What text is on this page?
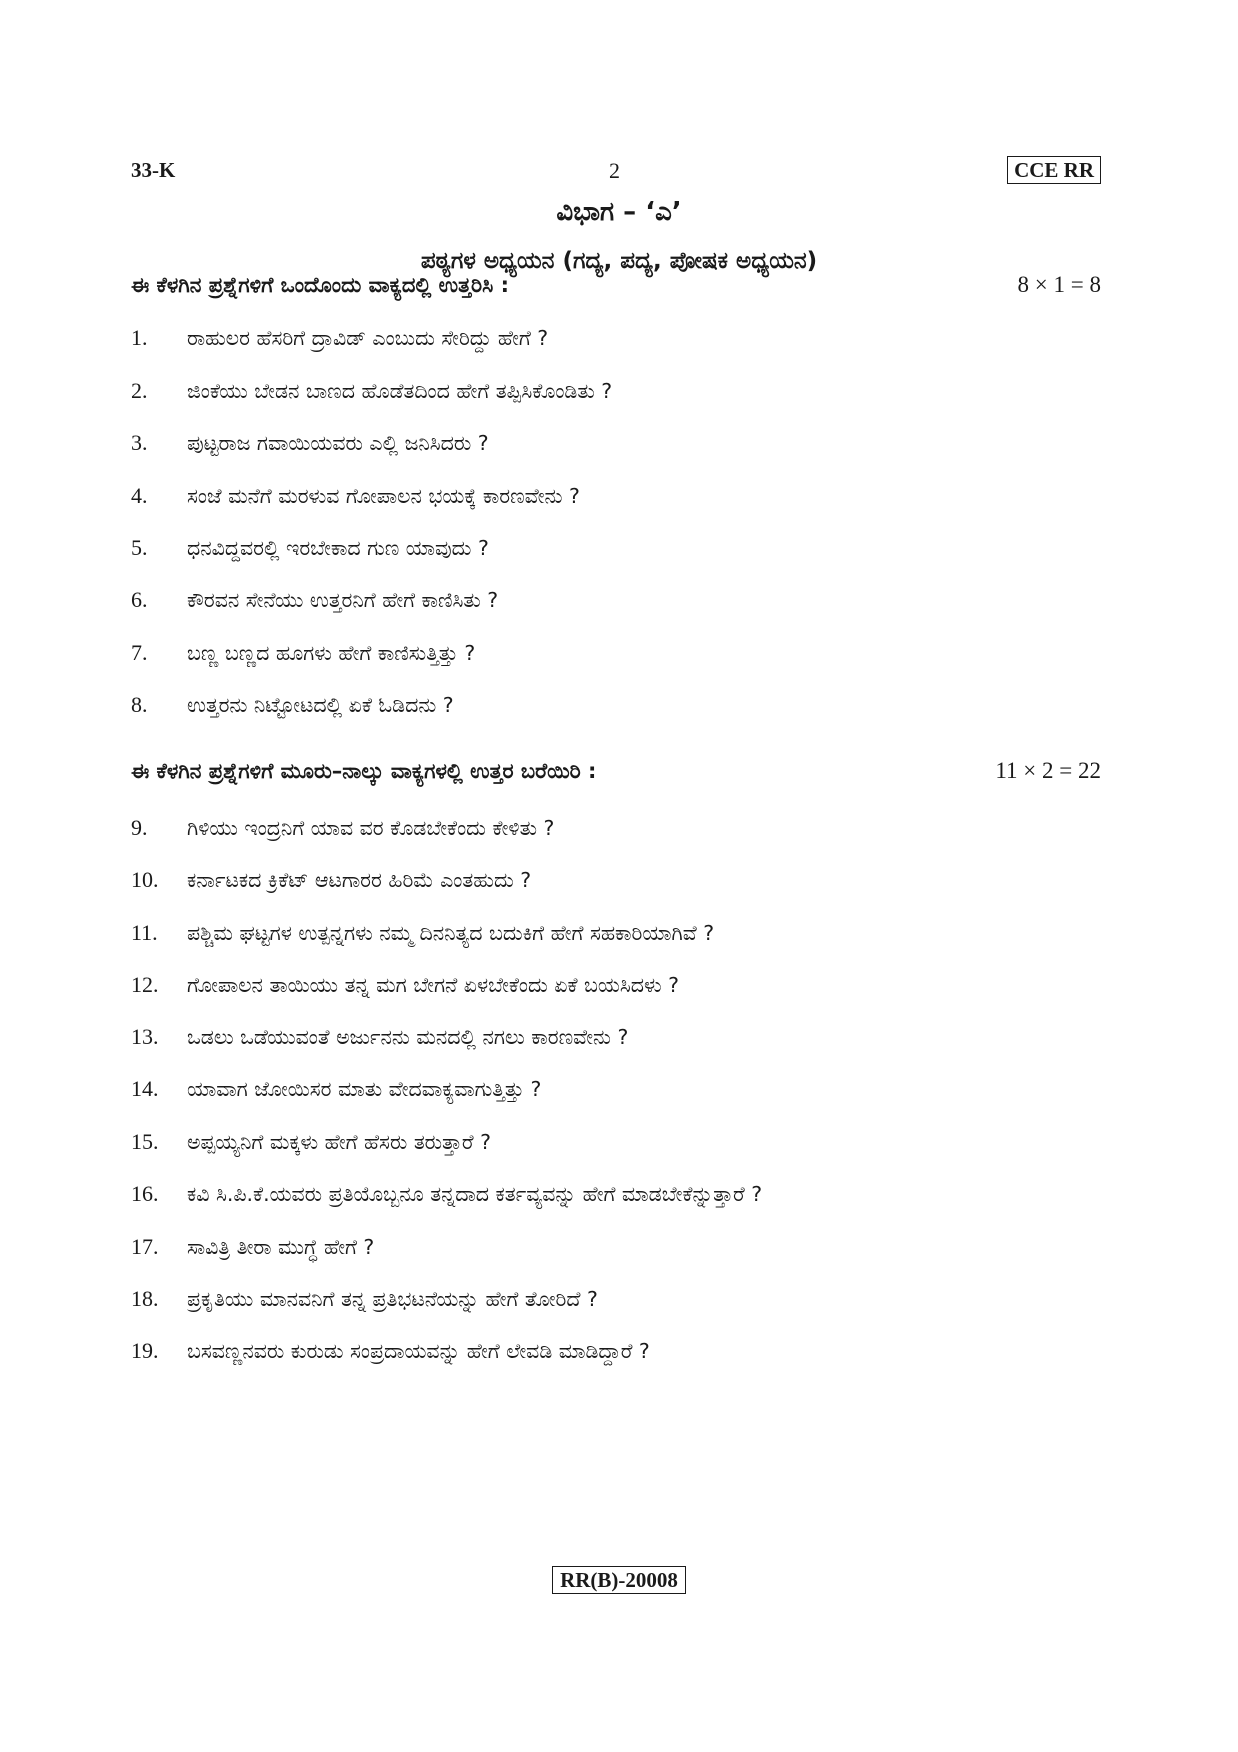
33-K	2	CCE RR
ವಿಭಾಗ – ‘ಎ’
ಪಠ್ಯಗಳ ಅಧ್ಯಯನ (ಗದ್ಯ, ಪದ್ಯ, ಪೋಷಕ ಅಧ್ಯಯನ)
ಈ ಕೆಳಗಿನ ಪ್ರಶ್ನೆಗಳಿಗೆ ಒಂದೊಂದು ವಾಕ್ಯದಲ್ಲಿ ಉತ್ತರಿಸಿ :	8 × 1 = 8
1.	ರಾಹುಲರ ಹೆಸರಿಗೆ ದ್ರಾವಿಡ್ ಎಂಬುದು ಸೇರಿದ್ದು ಹೇಗೆ ?
2.	ಜಿಂಕೆಯು ಬೇಡನ ಬಾಣದ ಹೊಡೆತದಿಂದ ಹೇಗೆ ತಪ್ಪಿಸಿಕೊಂಡಿತು ?
3.	ಪುಟ್ಟರಾಜ ಗವಾಯಿಯವರು ಎಲ್ಲಿ ಜನಿಸಿದರು ?
4.	ಸಂಜೆ ಮನೆಗೆ ಮರಳುವ ಗೋಪಾಲನ ಭಯಕ್ಕೆ ಕಾರಣವೇನು ?
5.	ಧನವಿದ್ದವರಲ್ಲಿ ಇರಬೇಕಾದ ಗುಣ ಯಾವುದು ?
6.	ಕೌರವನ ಸೇನೆಯು ಉತ್ತರನಿಗೆ ಹೇಗೆ ಕಾಣಿಸಿತು ?
7.	ಬಣ್ಣ ಬಣ್ಣದ ಹೂಗಳು ಹೇಗೆ ಕಾಣಿಸುತ್ತಿತ್ತು ?
8.	ಉತ್ತರನು ನಿಟ್ಟೋಟದಲ್ಲಿ ಏಕೆ ಓಡಿದನು ?
ಈ ಕೆಳಗಿನ ಪ್ರಶ್ನೆಗಳಿಗೆ ಮೂರು–ನಾಲ್ಕು ವಾಕ್ಯಗಳಲ್ಲಿ ಉತ್ತರ ಬರೆಯಿರಿ :	11 × 2 = 22
9.	ಗಿಳಿಯು ಇಂದ್ರನಿಗೆ ಯಾವ ವರ ಕೊಡಬೇಕೆಂದು ಕೇಳಿತು ?
10.	ಕರ್ನಾಟಕದ ಕ್ರಿಕೆಟ್ ಆಟಗಾರರ ಹಿರಿಮೆ ಎಂತಹುದು ?
11.	ಪಶ್ಚಿಮ ಘಟ್ಟಗಳ ಉತ್ಪನ್ನಗಳು ನಮ್ಮ ದಿನನಿತ್ಯದ ಬದುಕಿಗೆ ಹೇಗೆ ಸಹಕಾರಿಯಾಗಿವೆ ?
12.	ಗೋಪಾಲನ ತಾಯಿಯು ತನ್ನ ಮಗ ಬೇಗನೆ ಏಳಬೇಕೆಂದು ಏಕೆ ಬಯಸಿದಳು ?
13.	ಒಡಲು ಒಡೆಯುವಂತೆ ಅರ್ಜುನನು ಮನದಲ್ಲಿ ನಗಲು ಕಾರಣವೇನು ?
14.	ಯಾವಾಗ ಜೋಯಿಸರ ಮಾತು ವೇದವಾಕ್ಯವಾಗುತ್ತಿತ್ತು ?
15.	ಅಪ್ಪಯ್ಯನಿಗೆ ಮಕ್ಕಳು ಹೇಗೆ ಹೆಸರು ತರುತ್ತಾರೆ ?
16.	ಕವಿ ಸಿ.ಪಿ.ಕೆ.ಯವರು ಪ್ರತಿಯೊಬ್ಬನೂ ತನ್ನದಾದ ಕರ್ತವ್ಯವನ್ನು ಹೇಗೆ ಮಾಡಬೇಕೆನ್ನುತ್ತಾರೆ ?
17.	ಸಾವಿತ್ರಿ ತೀರಾ ಮುಗ್ಧೆ ಹೇಗೆ ?
18.	ಪ್ರಕೃತಿಯು ಮಾನವನಿಗೆ ತನ್ನ ಪ್ರತಿಭಟನೆಯನ್ನು ಹೇಗೆ ತೋರಿದೆ ?
19.	ಬಸವಣ್ಣನವರು ಕುರುಡು ಸಂಪ್ರದಾಯವನ್ನು ಹೇಗೆ ಲೇವಡಿ ಮಾಡಿದ್ದಾರೆ ?
RR(B)-20008
